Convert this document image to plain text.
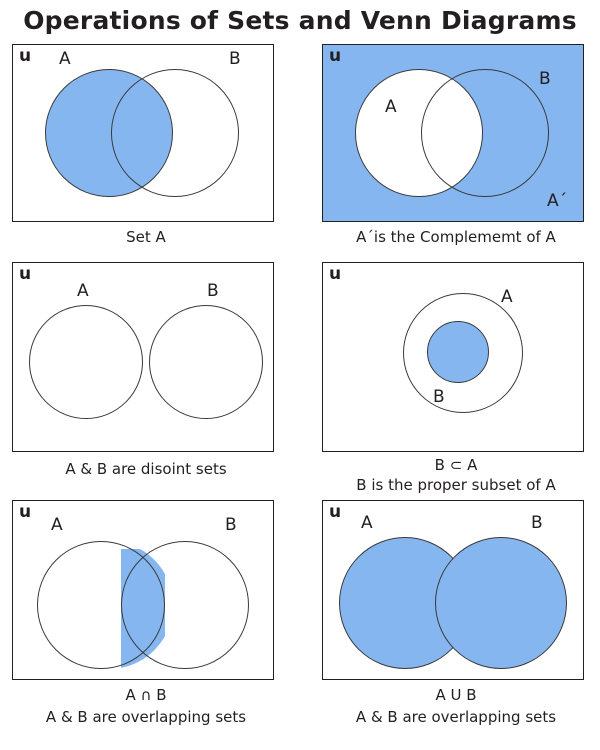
Operations of Sets and Venn Diagrams
u A	B
Set A
u
A
B
A´
A´is the Complememt of A
u
A	B
A & B are disoint sets
u
A
B
B ⊂ A
B is the proper subset of A
u
A	B
A ∩ B
A & B are overlapping sets
u
A	B
A U B
A & B are overlapping sets
